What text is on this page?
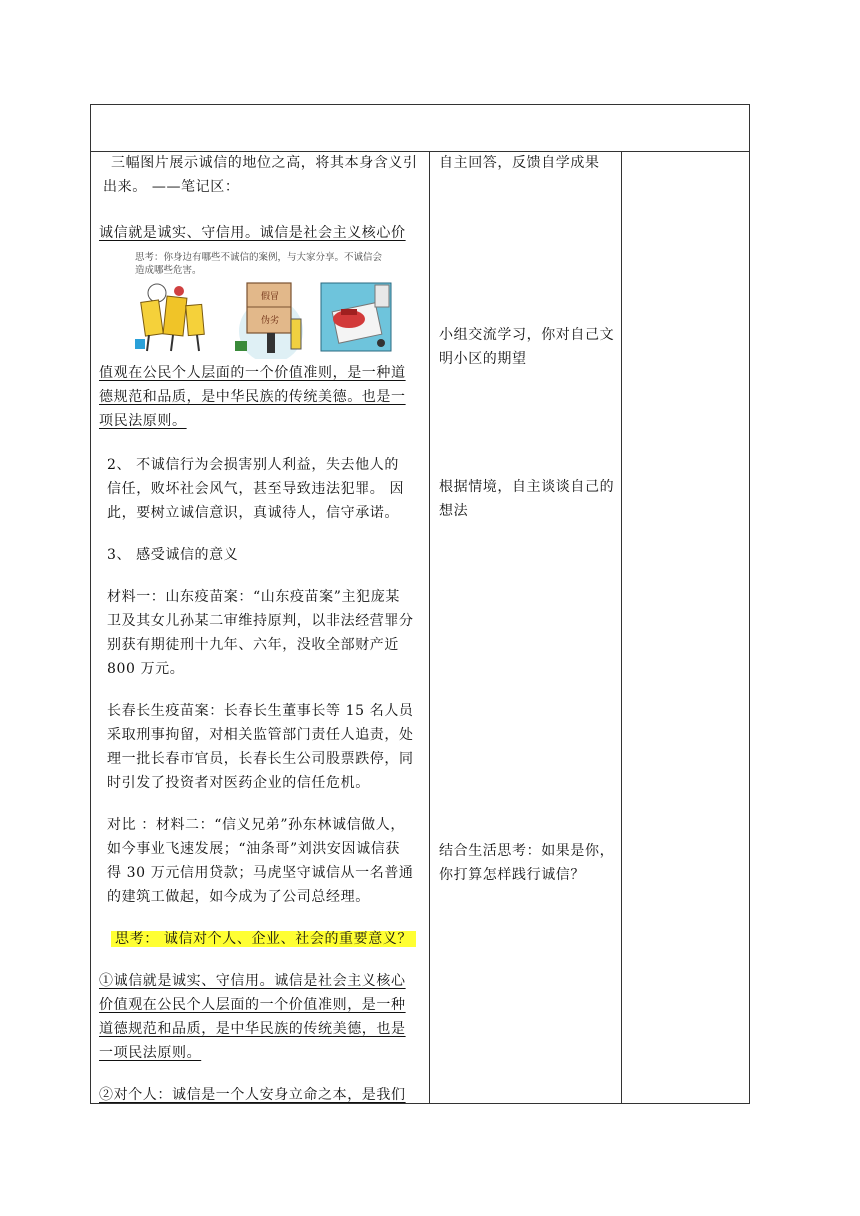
三幅图片展示诚信的地位之高，将其本身含义引
出来。 ——笔记区：
诚信就是诚实、守信用。诚信是社会主义核心价
思考：你身边有哪些不诚信的案例，与大家分享。不诚信会
造成哪些危害。
假冒
伪劣
值观在公民个人层面的一个价值准则，是一种道
德规范和品质，是中华民族的传统美德。也是一
项民法原则。
2、 不诚信行为会损害别人利益，失去他人的
信任，败坏社会风气，甚至导致违法犯罪。 因
此，要树立诚信意识，真诚待人，信守承诺。
3、 感受诚信的意义
材料一：山东疫苗案：“山东疫苗案”主犯庞某
卫及其女儿孙某二审维持原判，以非法经营罪分
别获有期徒刑十九年、六年，没收全部财产近
800 万元。
长春长生疫苗案：长春长生董事长等 15 名人员
采取刑事拘留，对相关监管部门责任人追责，处
理一批长春市官员，长春长生公司股票跌停，同
时引发了投资者对医药企业的信任危机。
对比 ：材料二：“信义兄弟”孙东林诚信做人，
如今事业飞速发展；“油条哥”刘洪安因诚信获
得 30 万元信用贷款；马虎坚守诚信从一名普通
的建筑工做起，如今成为了公司总经理。
思考： 诚信对个人、企业、社会的重要意义？
①诚信就是诚实、守信用。诚信是社会主义核心
价值观在公民个人层面的一个价值准则，是一种
道德规范和品质，是中华民族的传统美德，也是
一项民法原则。
②对个人：诚信是一个人安身立命之本，是我们
自主回答，反馈自学成果
小组交流学习，你对自己文
明小区的期望
根据情境，自主谈谈自己的
想法
结合生活思考：如果是你，
你打算怎样践行诚信？
